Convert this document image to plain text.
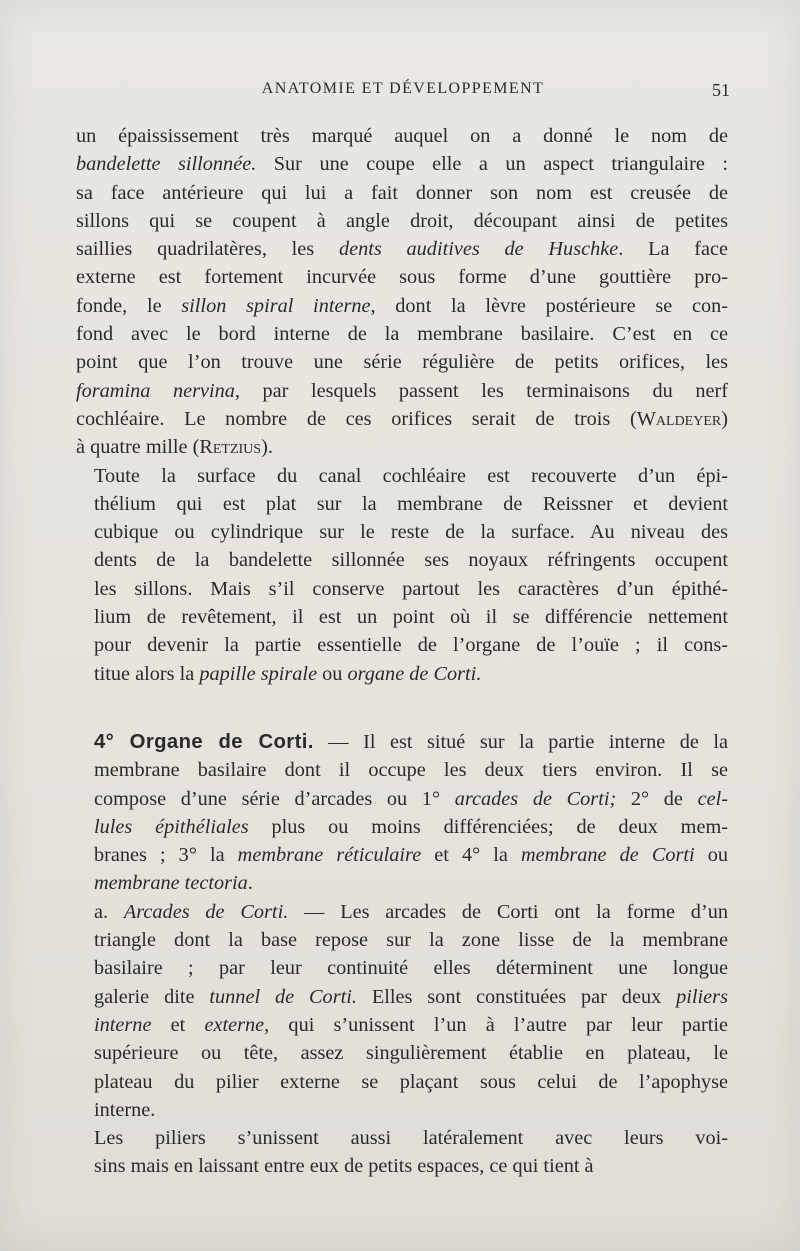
ANATOMIE ET DÉVELOPPEMENT	51
un épaississement très marqué auquel on a donné le nom de
bandelette sillonnée. Sur une coupe elle a un aspect triangulaire :
sa face antérieure qui lui a fait donner son nom est creusée de
sillons qui se coupent à angle droit, découpant ainsi de petites
saillies quadrilatères, les dents auditives de Huschke. La face
externe est fortement incurvée sous forme d’une gouttière pro-
fonde, le sillon spiral interne, dont la lèvre postérieure se con-
fond avec le bord interne de la membrane basilaire. C’est en ce
point que l’on trouve une série régulière de petits orifices, les
foramina nervina, par lesquels passent les terminaisons du nerf
cochléaire. Le nombre de ces orifices serait de trois (Waldeyer)
à quatre mille (Retzius).
Toute la surface du canal cochléaire est recouverte d’un épi-
thélium qui est plat sur la membrane de Reissner et devient
cubique ou cylindrique sur le reste de la surface. Au niveau des
dents de la bandelette sillonnée ses noyaux réfringents occupent
les sillons. Mais s’il conserve partout les caractères d’un épithé-
lium de revêtement, il est un point où il se différencie nettement
pour devenir la partie essentielle de l’organe de l’ouïe ; il cons-
titue alors la papille spirale ou organe de Corti.
4° Organe de Corti. — Il est situé sur la partie interne de la
membrane basilaire dont il occupe les deux tiers environ. Il se
compose d’une série d’arcades ou 1° arcades de Corti; 2° de cel-
lules épithéliales plus ou moins différenciées; de deux mem-
branes ; 3° la membrane réticulaire et 4° la membrane de Corti ou
membrane tectoria.
a. Arcades de Corti. — Les arcades de Corti ont la forme d’un
triangle dont la base repose sur la zone lisse de la membrane
basilaire ; par leur continuité elles déterminent une longue
galerie dite tunnel de Corti. Elles sont constituées par deux piliers
interne et externe, qui s’unissent l’un à l’autre par leur partie
supérieure ou tête, assez singulièrement établie en plateau, le
plateau du pilier externe se plaçant sous celui de l’apophyse
interne.
Les piliers s’unissent aussi latéralement avec leurs voi-
sins mais en laissant entre eux de petits espaces, ce qui tient à
